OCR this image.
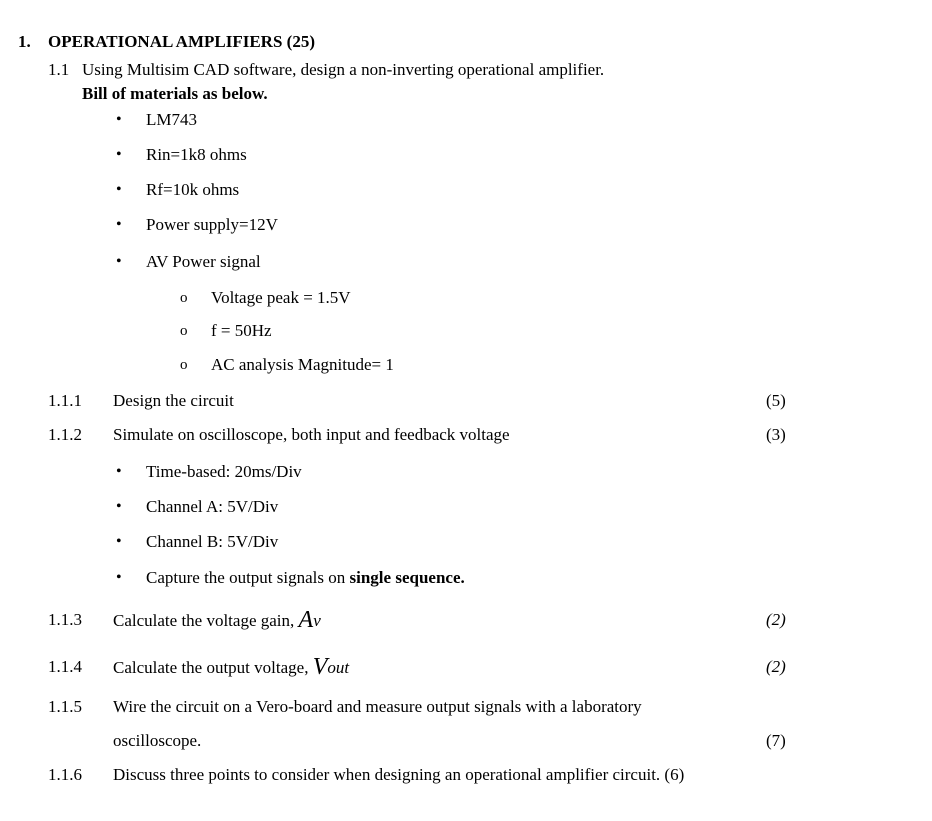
1. OPERATIONAL AMPLIFIERS (25)
1.1 Using Multisim CAD software, design a non-inverting operational amplifier.
Bill of materials as below.
• LM743
• Rin=1k8 ohms
• Rf=10k ohms
• Power supply=12V
• AV Power signal
o Voltage peak = 1.5V
o f = 50Hz
o AC analysis Magnitude= 1
1.1.1 Design the circuit	(5)
1.1.2 Simulate on oscilloscope, both input and feedback voltage	(3)
• Time-based: 20ms/Div
• Channel A: 5V/Div
• Channel B: 5V/Div
• Capture the output signals on single sequence.
1.1.3 Calculate the voltage gain, Av	(2)
1.1.4 Calculate the output voltage, Vout	(2)
1.1.5 Wire the circuit on a Vero-board and measure output signals with a laboratory
oscilloscope.	(7)
1.1.6 Discuss three points to consider when designing an operational amplifier circuit. (6)
